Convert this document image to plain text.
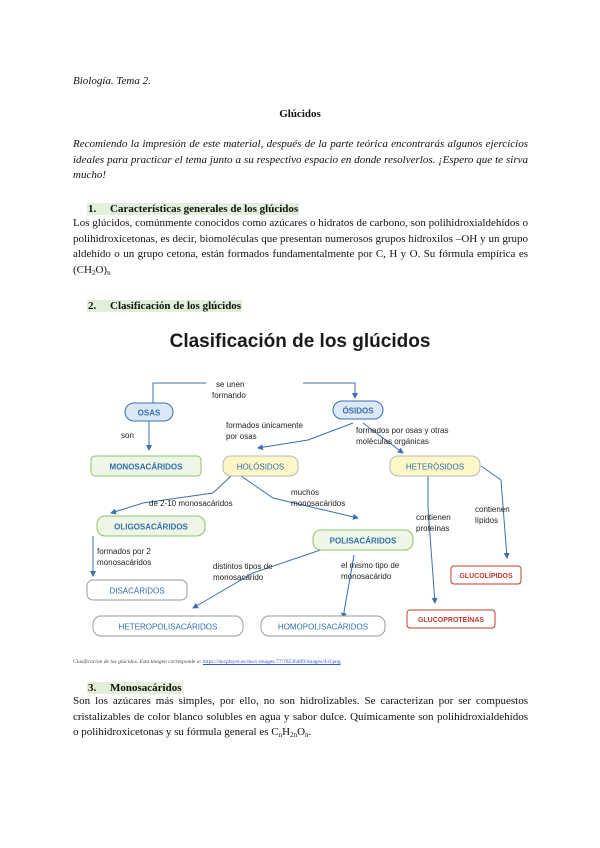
Biología. Tema 2.
Glúcidos
Recomiendo la impresión de este material, después de la parte teórica encontrarás algunos ejercicios ideales para practicar el tema junto a su respectivo espacio en donde resolverlos. ¡Espero que te sirva mucho!
1. Características generales de los glúcidos
Los glúcidos, comúnmente conocidos como azúcares o hidratos de carbono, son polihidroxialdehídos o polihidroxicetonas, es decir, biomoléculas que presentan numerosos grupos hidroxilos –OH y un grupo aldehído o un grupo cetona, están formados fundamentalmente por C, H y O. Su fórmula empírica es $(CH_2O)_n$
2. Clasificación de los glúcidos
Clasificación de los glúcidos
OSAS	ÓSIDOS
MONOSACÁRIDOS	HOLÓSIDOS	HETERÓSIDOS
OLIGOSACÁRIDOS
POLISACÁRIDOS
DISACÁRIDOS
HETEROPOLISACÁRIDOS	HOMOPOLISACÁRIDOS
GLUCOLÍPIDOS
GLUCOPROTEÍNAS
se unen
formando
son
formados únicamente
por osas
formados por osas y otras
moléculas orgánicas
de 2-10 monosacáridos
muchos
monosacáridos
contienen
proteínas
contienen
lípidos
formados por 2
monosacáridos	distintos tipos de
monosacárido
el mismo tipo de
monosacárido
Clasificación de los glúcidos. Esta imagen corresponde a: https://docplayer.es/docs-images/77/76536409/images/4-0.png
3. Monosacáridos
Son los azúcares más simples, por ello, no son hidrolizables. Se caracterizan por ser compuestos cristalizables de color blanco solubles en agua y sabor dulce. Químicamente son polihidroxialdehídos o polihidroxicetonas y su fórmula general es $C_nH_{2n}O_n$.
